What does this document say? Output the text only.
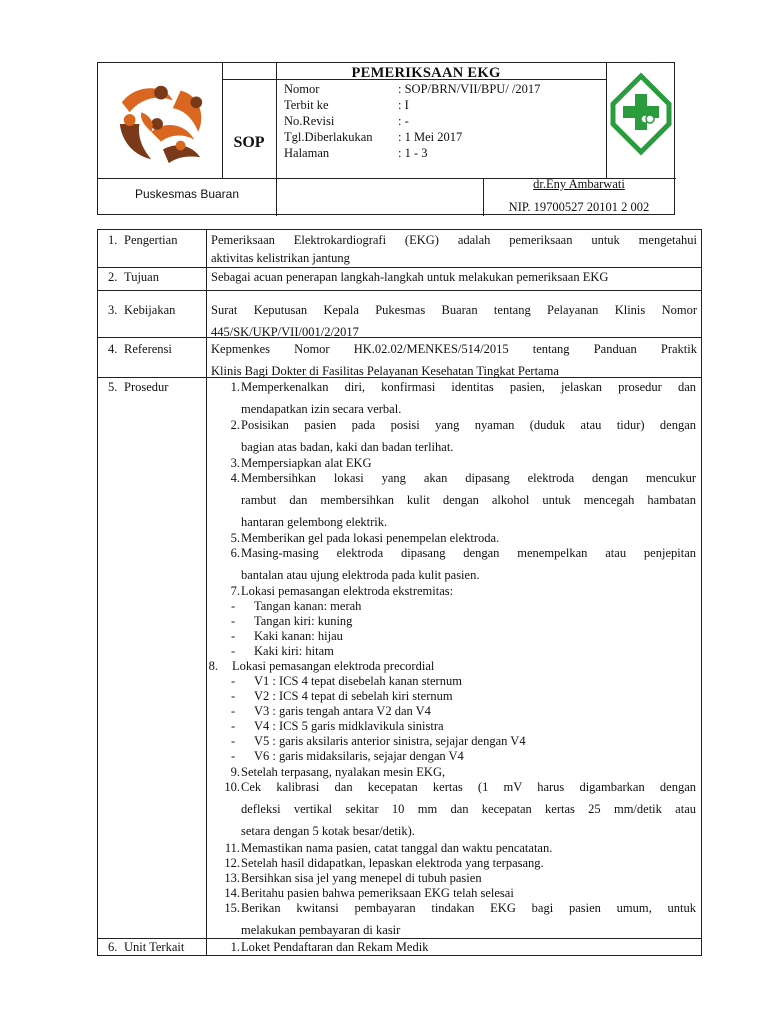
SOP
PEMERIKSAAN EKG
Nomor	: SOP/BRN/VII/BPU/ /2017
Terbit ke	: I
No.Revisi	: -
Tgl.Diberlakukan	: 1 Mei 2017
Halaman	: 1 - 3
Puskesmas Buaran
dr.Eny Ambarwati
NIP. 19700527 20101 2 002
1. Pengertian	Pemeriksaan Elektrokardiografi (EKG) adalah pemeriksaan untuk mengetahui
aktivitas kelistrikan jantung
2. Tujuan	Sebagai acuan penerapan langkah-langkah untuk melakukan pemeriksaan EKG
3. Kebijakan	Surat Keputusan Kepala Pukesmas Buaran tentang Pelayanan Klinis Nomor
445/SK/UKP/VII/001/2/2017
4. Referensi	Kepmenkes Nomor HK.02.02/MENKES/514/2015 tentang Panduan Praktik
Klinis Bagi Dokter di Fasilitas Pelayanan Kesehatan Tingkat Pertama
5. Prosedur	1. Memperkenalkan diri, konfirmasi identitas pasien, jelaskan prosedur dan
mendapatkan izin secara verbal.
2. Posisikan pasien pada posisi yang nyaman (duduk atau tidur) dengan
bagian atas badan, kaki dan badan terlihat.
3. Mempersiapkan alat EKG
4. Membersihkan lokasi yang akan dipasang elektroda dengan mencukur
rambut dan membersihkan kulit dengan alkohol untuk mencegah hambatan
hantaran gelembong elektrik.
5. Memberikan gel pada lokasi penempelan elektroda.
6. Masing-masing elektroda dipasang dengan menempelkan atau penjepitan
bantalan atau ujung elektroda pada kulit pasien.
7. Lokasi pemasangan elektroda ekstremitas:
- Tangan kanan: merah
- Tangan kiri: kuning
- Kaki kanan: hijau
- Kaki kiri: hitam
8. Lokasi pemasangan elektroda precordial
- V1 : ICS 4 tepat disebelah kanan sternum
- V2 : ICS 4 tepat di sebelah kiri sternum
- V3 : garis tengah antara V2 dan V4
- V4 : ICS 5 garis midklavikula sinistra
- V5 : garis aksilaris anterior sinistra, sejajar dengan V4
- V6 : garis midaksilaris, sejajar dengan V4
9. Setelah terpasang, nyalakan mesin EKG,
10. Cek kalibrasi dan kecepatan kertas (1 mV harus digambarkan dengan
defleksi vertikal sekitar 10 mm dan kecepatan kertas 25 mm/detik atau
setara dengan 5 kotak besar/detik).
11. Memastikan nama pasien, catat tanggal dan waktu pencatatan.
12. Setelah hasil didapatkan, lepaskan elektroda yang terpasang.
13. Bersihkan sisa jel yang menepel di tubuh pasien
14. Beritahu pasien bahwa pemeriksaan EKG telah selesai
15. Berikan kwitansi pembayaran tindakan EKG bagi pasien umum, untuk
melakukan pembayaran di kasir
6. Unit Terkait	1. Loket Pendaftaran dan Rekam Medik
